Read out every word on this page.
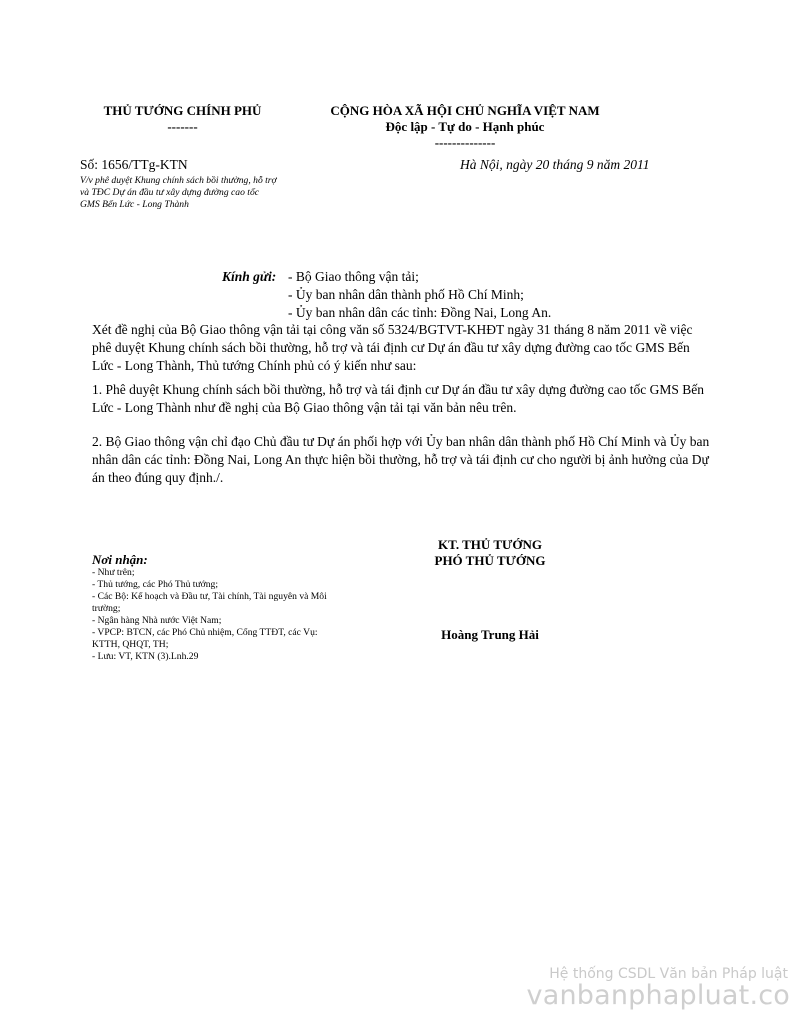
THỦ TƯỚNG CHÍNH PHỦ
-------
CỘNG HÒA XÃ HỘI CHỦ NGHĨA VIỆT NAM
Độc lập - Tự do - Hạnh phúc
--------------
Số: 1656/TTg-KTN
V/v phê duyệt Khung chính sách bồi thường, hỗ trợ và TĐC Dự án đầu tư xây dựng đường cao tốc GMS Bến Lức - Long Thành
Hà Nội, ngày 20 tháng 9 năm 2011
Kính gửi: - Bộ Giao thông vận tải;
- Ủy ban nhân dân thành phố Hồ Chí Minh;
- Ủy ban nhân dân các tỉnh: Đồng Nai, Long An.
Xét đề nghị của Bộ Giao thông vận tải tại công văn số 5324/BGTVT-KHĐT ngày 31 tháng 8 năm 2011 về việc phê duyệt Khung chính sách bồi thường, hỗ trợ và tái định cư Dự án đầu tư xây dựng đường cao tốc GMS Bến Lức - Long Thành, Thủ tướng Chính phủ có ý kiến như sau:
1. Phê duyệt Khung chính sách bồi thường, hỗ trợ và tái định cư Dự án đầu tư xây dựng đường cao tốc GMS Bến Lức - Long Thành như đề nghị của Bộ Giao thông vận tải tại văn bản nêu trên.
2. Bộ Giao thông vận chỉ đạo Chủ đầu tư Dự án phối hợp với Ủy ban nhân dân thành phố Hồ Chí Minh và Ủy ban nhân dân các tỉnh: Đồng Nai, Long An thực hiện bồi thường, hỗ trợ và tái định cư cho người bị ảnh hưởng của Dự án theo đúng quy định./.
KT. THỦ TƯỚNG
PHÓ THỦ TƯỚNG
Hoàng Trung Hải
Nơi nhận:
- Như trên;
- Thủ tướng, các Phó Thủ tướng;
- Các Bộ: Kế hoạch và Đầu tư, Tài chính, Tài nguyên và Môi trường;
- Ngân hàng Nhà nước Việt Nam;
- VPCP: BTCN, các Phó Chủ nhiệm, Cổng TTĐT, các Vụ: KTTH, QHQT, TH;
- Lưu: VT, KTN (3).Lnh.29
Hệ thống CSDL Văn bản Pháp luật
vanbanphapluat.co
